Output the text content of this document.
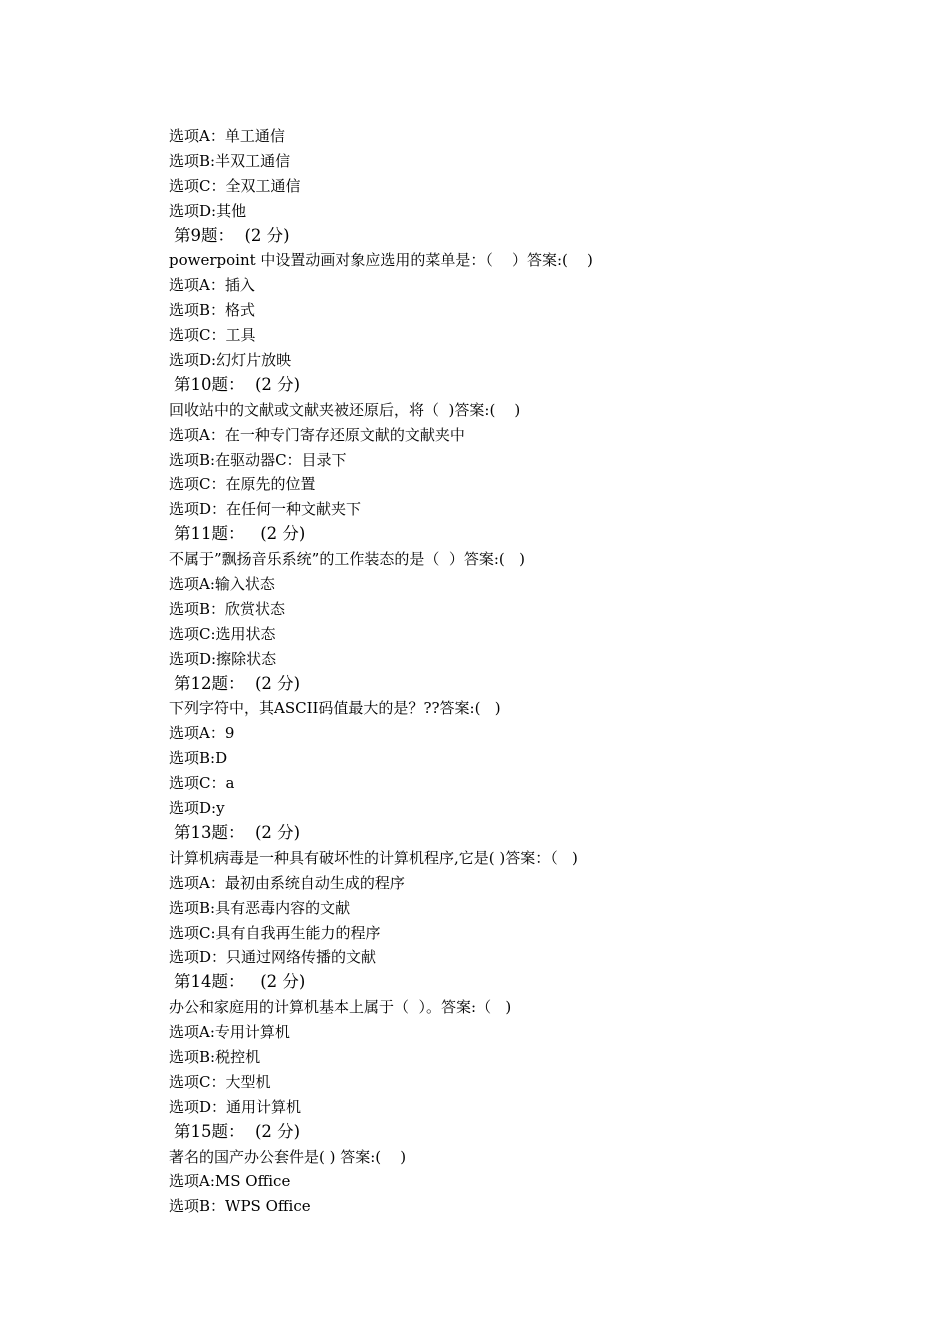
选项A：单工通信
选项B:半双工通信
选项C：全双工通信
选项D:其他
第9题：  (2 分)
powerpoint 中设置动画对象应选用的菜单是：（    ）答案:(    )
选项A：插入
选项B：格式
选项C：工具
选项D:幻灯片放映
第10题：  (2 分)
回收站中的文献或文献夹被还原后，将（  )答案:(    )
选项A：在一种专门寄存还原文献的文献夹中
选项B:在驱动器C：目录下
选项C：在原先的位置
选项D：在任何一种文献夹下
第11题：   (2 分)
不属于”飘扬音乐系统”的工作装态的是（  ）答案:(   )
选项A:输入状态
选项B：欣赏状态
选项C:选用状态
选项D:擦除状态
第12题：  (2 分)
下列字符中，其ASCII码值最大的是？??答案:(   )
选项A：9
选项B:D
选项C：a
选项D:y
第13题：  (2 分)
计算机病毒是一种具有破坏性的计算机程序,它是( )答案：（   )
选项A：最初由系统自动生成的程序
选项B:具有恶毒内容的文献
选项C:具有自我再生能力的程序
选项D：只通过网络传播的文献
第14题：   (2 分)
办公和家庭用的计算机基本上属于（  ）。答案:（   )
选项A:专用计算机
选项B:税控机
选项C：大型机
选项D：通用计算机
第15题：  (2 分)
著名的国产办公套件是( ) 答案:(    )
选项A:MS Office
选项B：WPS Office
